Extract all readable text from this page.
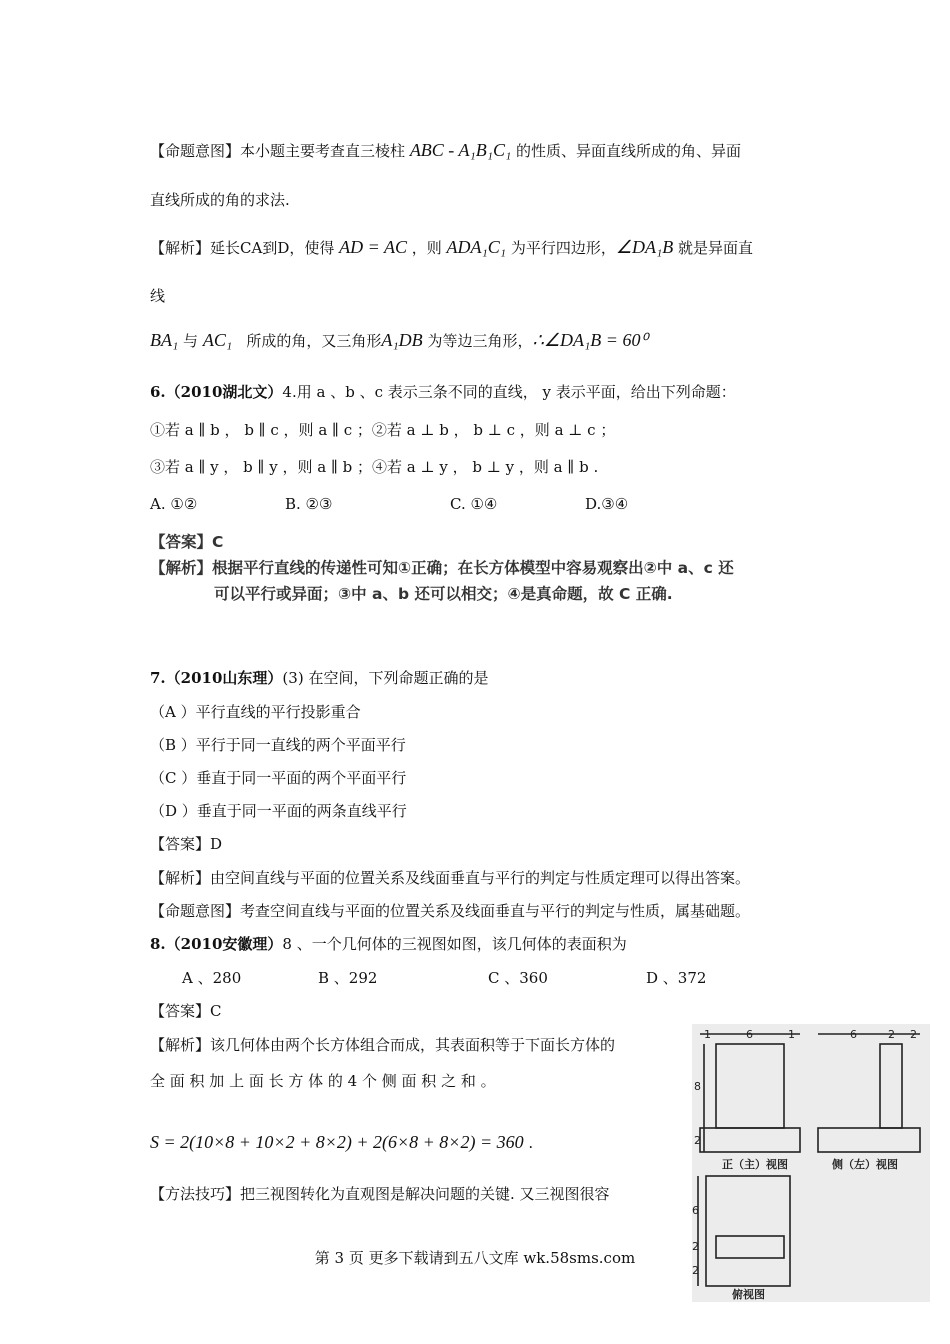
【命题意图】本小题主要考查直三棱柱 ABC - A₁B₁C₁ 的性质、异面直线所成的角、异面
直线所成的角的求法.
【解析】延长CA到D，使得 AD = AC ，则 ADA₁C₁ 为平行四边形，∠DA₁B 就是异面直
线
BA₁ 与 AC₁ 所成的角，又三角形A₁DB 为等边三角形，∴∠DA₁B = 60⁰
6.（2010湖北文）4.用 a 、b 、c 表示三条不同的直线， y 表示平面，给出下列命题：
①若 a ∥ b ， b ∥ c ，则 a ∥ c ；②若 a ⊥ b ， b ⊥ c ，则 a ⊥ c ；
③若 a ∥ y ， b ∥ y ，则 a ∥ b ；④若 a ⊥ y ， b ⊥ y ，则 a ∥ b .
A. ①②	B. ②③	C. ①④	D.③④
【答案】C
【解析】根据平行直线的传递性可知①正确；在长方体模型中容易观察出②中 a、c 还
可以平行或异面；③中 a、b 还可以相交；④是真命题，故 C 正确.
7.（2010山东理）(3) 在空间，下列命题正确的是
（A ）平行直线的平行投影重合
（B ）平行于同一直线的两个平面平行
（C ）垂直于同一平面的两个平面平行
（D ）垂直于同一平面的两条直线平行
【答案】D
【解析】由空间直线与平面的位置关系及线面垂直与平行的判定与性质定理可以得出答案。
【命题意图】考查空间直线与平面的位置关系及线面垂直与平行的判定与性质，属基础题。
8.（2010安徽理）8 、一个几何体的三视图如图，该几何体的表面积为
A 、280	B 、292	C 、360	D 、372
【答案】C
【解析】该几何体由两个长方体组合而成，其表面积等于下面长方体的
全 面 积 加 上 面 长 方 体 的 4 个 侧 面 积 之 和 。
S = 2(10×8 + 10×2 + 8×2) + 2(6×8 + 8×2) = 360 .
【方法技巧】把三视图转化为直观图是解决问题的关键. 又三视图很容
1	6	1	6	2 2
8
2
6
2
2
正（主）视图	侧（左）视图
俯视图
第 3 页 更多下载请到五八文库 wk.58sms.com
